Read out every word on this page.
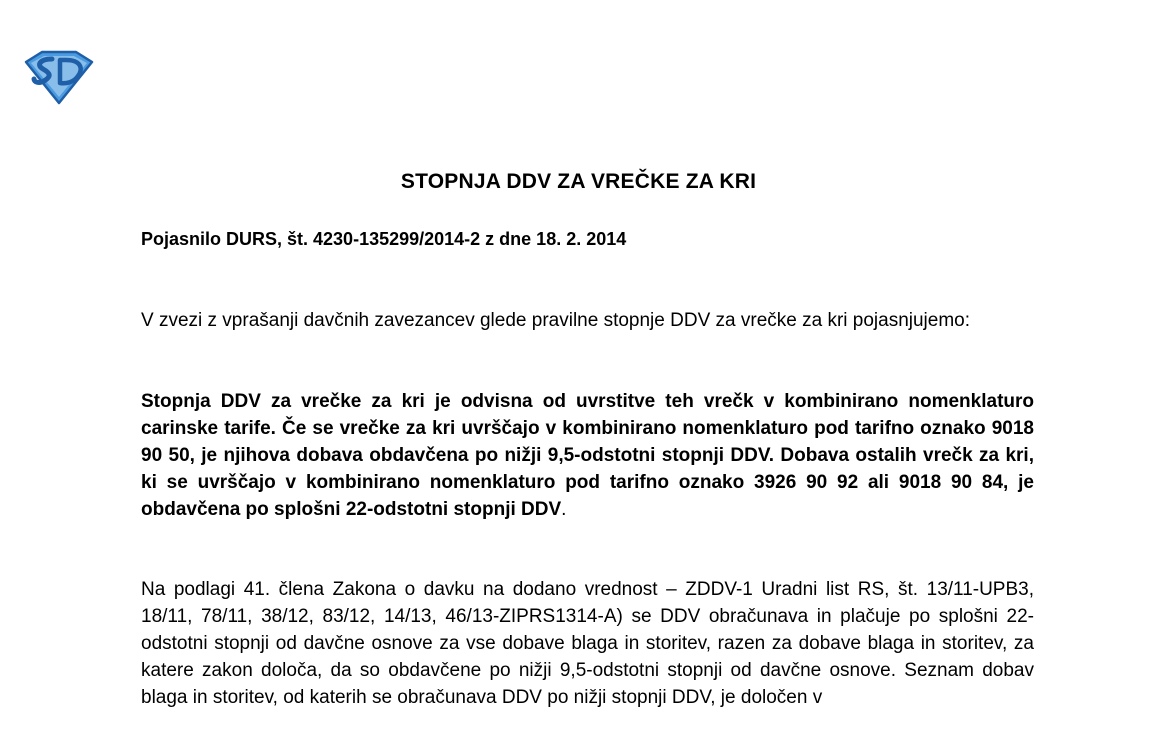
STOPNJA DDV ZA VREČKE ZA KRI
Pojasnilo DURS, št. 4230-135299/2014-2 z dne 18. 2. 2014

V zvezi z vprašanji davčnih zavezancev glede pravilne stopnje DDV za vrečke za kri pojasnjujemo:

Stopnja DDV za vrečke za kri je odvisna od uvrstitve teh vrečk v kombinirano nomenklaturo carinske tarife. Če se vrečke za kri uvrščajo v kombinirano nomenklaturo pod tarifno oznako 9018 90 50, je njihova dobava obdavčena po nižji 9,5-odstotni stopnji DDV. Dobava ostalih vrečk za kri, ki se uvrščajo v kombinirano nomenklaturo pod tarifno oznako 3926 90 92 ali 9018 90 84, je obdavčena po splošni 22-odstotni stopnji DDV.

Na podlagi 41. člena Zakona o davku na dodano vrednost – ZDDV-1 Uradni list RS, št. 13/11-UPB3, 18/11, 78/11, 38/12, 83/12, 14/13, 46/13-ZIPRS1314-A) se DDV obračunava in plačuje po splošni 22-odstotni stopnji od davčne osnove za vse dobave blaga in storitev, razen za dobave blaga in storitev, za katere zakon določa, da so obdavčene po nižji 9,5-odstotni stopnji od davčne osnove. Seznam dobav blaga in storitev, od katerih se obračunava DDV po nižji stopnji DDV, je določen v
